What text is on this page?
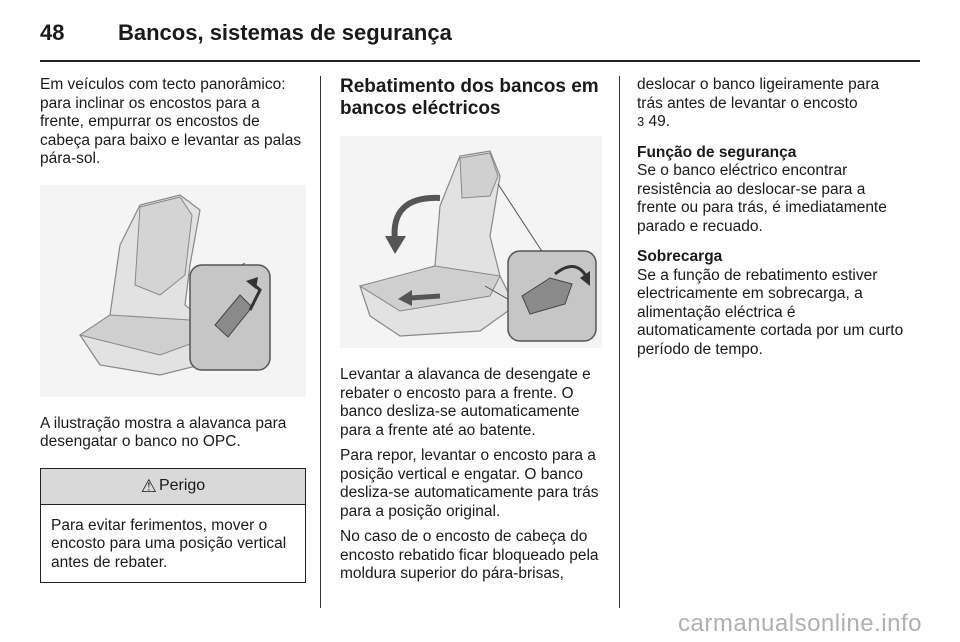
48 Bancos, sistemas de segurança

Em veículos com tecto panorâmico: para inclinar os encostos para a frente, empurrar os encostos de cabeça para baixo e levantar as palas pára-sol.

A ilustração mostra a alavanca para desengatar o banco no OPC.

⚠ Perigo
Para evitar ferimentos, mover o encosto para uma posição vertical antes de rebater.
Rebatimento dos bancos em bancos eléctricos

Levantar a alavanca de desengate e rebater o encosto para a frente. O banco desliza-se automaticamente para a frente até ao batente.

Para repor, levantar o encosto para a posição vertical e engatar. O banco desliza-se automaticamente para trás para a posição original.

No caso de o encosto de cabeça do encosto rebatido ficar bloqueado pela moldura superior do pára-brisas,

deslocar o banco ligeiramente para trás antes de levantar o encosto
3 49.

Função de segurança

Se o banco eléctrico encontrar resistência ao deslocar-se para a frente ou para trás, é imediatamente parado e recuado.

Sobrecarga

Se a função de rebatimento estiver electricamente em sobrecarga, a alimentação eléctrica é automaticamente cortada por um curto período de tempo.

carmanualsonline.info
